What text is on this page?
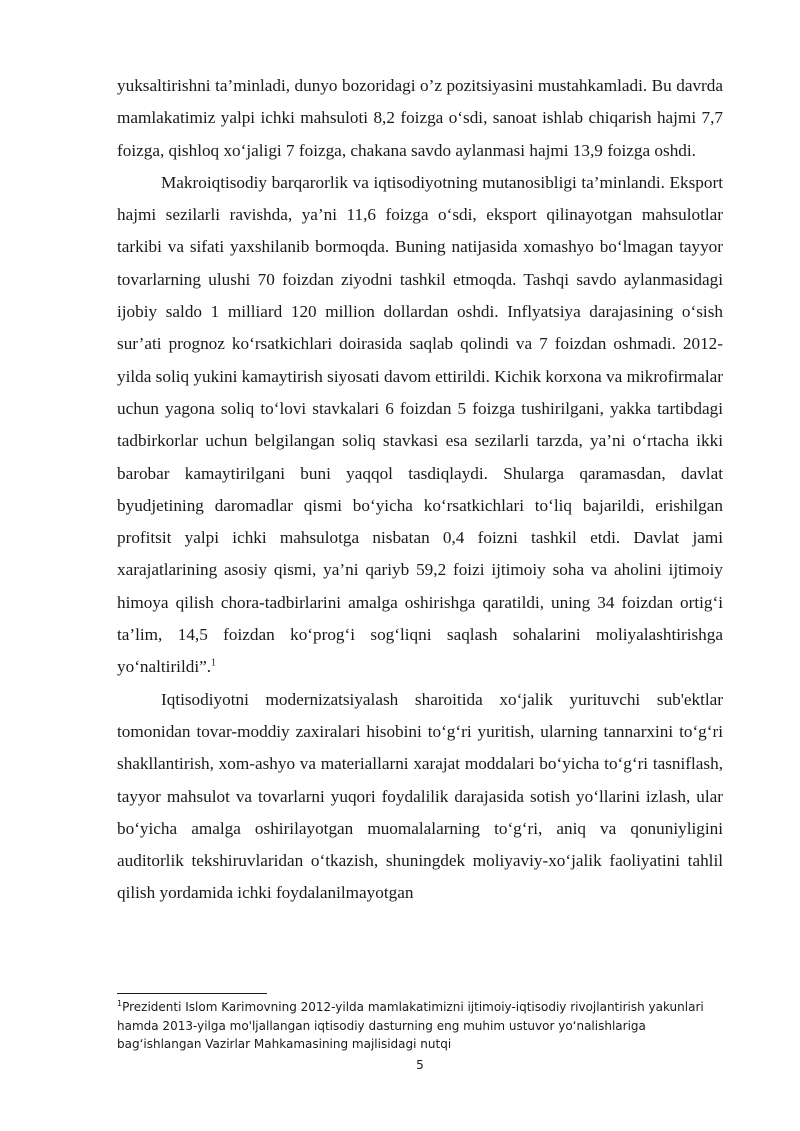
yuksaltirishni ta’minladi, dunyo bozoridagi o’z pozitsiyasini mustahkamladi. Bu davrda mamlakatimiz yalpi ichki mahsuloti 8,2 foizga o‘sdi, sanoat ishlab chiqarish hajmi 7,7 foizga, qishloq xo‘jaligi 7 foizga, chakana savdo aylanmasi hajmi 13,9 foizga oshdi.

Makroiqtisodiy barqarorlik va iqtisodiyotning mutanosibligi ta’minlandi. Eksport hajmi sezilarli ravishda, ya’ni 11,6 foizga o‘sdi, eksport qilinayotgan mahsulotlar tarkibi va sifati yaxshilanib bormoqda. Buning natijasida xomashyo bo‘lmagan tayyor tovarlarning ulushi 70 foizdan ziyodni tashkil etmoqda. Tashqi savdo aylanmasidagi ijobiy saldo 1 milliard 120 million dollardan oshdi. Inflyatsiya darajasining o‘sish sur’ati prognoz ko‘rsatkichlari doirasida saqlab qolindi va 7 foizdan oshmadi. 2012-yilda soliq yukini kamaytirish siyosati davom ettirildi. Kichik korxona va mikrofirmalar uchun yagona soliq to‘lovi stavkalari 6 foizdan 5 foizga tushirilgani, yakka tartibdagi tadbirkorlar uchun belgilangan soliq stavkasi esa sezilarli tarzda, ya’ni o‘rtacha ikki barobar kamaytirilgani buni yaqqol tasdiqlaydi. Shularga qaramasdan, davlat byudjetining daromadlar qismi bo‘yicha ko‘rsatkichlari to‘liq bajarildi, erishilgan profitsit yalpi ichki mahsulotga nisbatan 0,4 foizni tashkil etdi. Davlat jami xarajatlarining asosiy qismi, ya’ni qariyb 59,2 foizi ijtimoiy soha va aholini ijtimoiy himoya qilish chora-tadbirlarini amalga oshirishga qaratildi, uning 34 foizdan ortig‘i ta’lim, 14,5 foizdan ko‘prog‘i sog‘liqni saqlash sohalarini moliyalashtirishga yo‘naltirildi”.$^1$

Iqtisodiyotni modernizatsiyalash sharoitida xo‘jalik yurituvchi sub'ektlar tomonidan tovar-moddiy zaxiralari hisobini to‘g‘ri yuritish, ularning tannarxini to‘g‘ri shakllantirish, xom-ashyo va materiallarni xarajat moddalari bo‘yicha to‘g‘ri tasniflash, tayyor mahsulot va tovarlarni yuqori foydalilik darajasida sotish yo‘llarini izlash, ular bo‘yicha amalga oshirilayotgan muomalalarning to‘g‘ri, aniq va qonuniyligini auditorlik tekshiruvlaridan o‘tkazish, shuningdek moliyaviy-xo‘jalik faoliyatini tahlil qilish yordamida ichki foydalanilmayotgan

$^1$Prezidenti Islom Karimovning 2012-yilda mamlakatimizni ijtimoiy-iqtisodiy rivojlantirish yakunlari hamda 2013-yilga mo'ljallangan iqtisodiy dasturning eng muhim ustuvor yo‘nalishlariga bag‘ishlangan Vazirlar Mahkamasining majlisidagi nutqi
5
